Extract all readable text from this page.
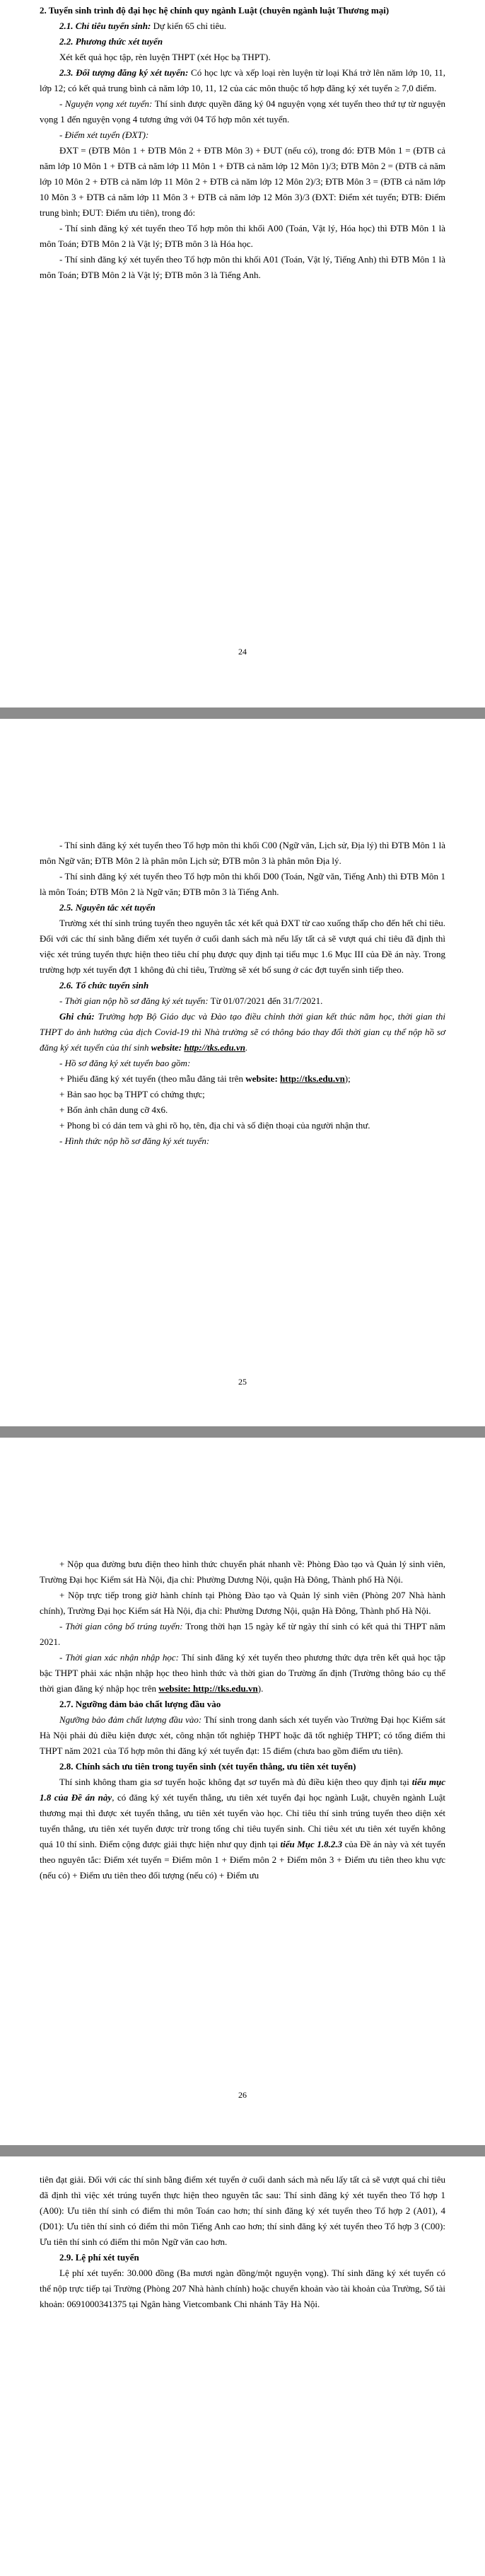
2. Tuyển sinh trình độ đại học hệ chính quy ngành Luật (chuyên ngành luật Thương mại)

2.1. Chỉ tiêu tuyển sinh: Dự kiến 65 chỉ tiêu.

2.2. Phương thức xét tuyển

Xét kết quả học tập, rèn luyện THPT (xét Học bạ THPT).

2.3. Đối tượng đăng ký xét tuyển: Có học lực và xếp loại rèn luyện từ loại Khá trở lên năm lớp 10, 11, lớp 12; có kết quả trung bình cả năm lớp 10, 11, 12 của các môn thuộc tổ hợp đăng ký xét tuyển ≥ 7,0 điểm.

- Nguyện vọng xét tuyển: Thí sinh được quyền đăng ký 04 nguyện vọng xét tuyển theo thứ tự từ nguyện vọng 1 đến nguyện vọng 4 tương ứng với 04 Tổ hợp môn xét tuyển.

- Điểm xét tuyển (ĐXT):

ĐXT = (ĐTB Môn 1 + ĐTB Môn 2 + ĐTB Môn 3) + ĐUT (nếu có), trong đó: ĐTB Môn 1 = (ĐTB cả năm lớp 10 Môn 1 + ĐTB cả năm lớp 11 Môn 1 + ĐTB cả năm lớp 12 Môn 1)/3; ĐTB Môn 2 = (ĐTB cả năm lớp 10 Môn 2 + ĐTB cả năm lớp 11 Môn 2 + ĐTB cả năm lớp 12 Môn 2)/3; ĐTB Môn 3 = (ĐTB cả năm lớp 10 Môn 3 + ĐTB cả năm lớp 11 Môn 3 + ĐTB cả năm lớp 12 Môn 3)/3 (ĐXT: Điểm xét tuyển; ĐTB: Điểm trung bình; ĐUT: Điểm ưu tiên), trong đó:

- Thí sinh đăng ký xét tuyển theo Tổ hợp môn thi khối A00 (Toán, Vật lý, Hóa học) thì ĐTB Môn 1 là môn Toán; ĐTB Môn 2 là Vật lý; ĐTB môn 3 là Hóa học.

- Thí sinh đăng ký xét tuyển theo Tổ hợp môn thi khối A01 (Toán, Vật lý, Tiếng Anh) thì ĐTB Môn 1 là môn Toán; ĐTB Môn 2 là Vật lý; ĐTB môn 3 là Tiếng Anh.

24

- Thí sinh đăng ký xét tuyển theo Tổ hợp môn thi khối C00 (Ngữ văn, Lịch sử, Địa lý) thì ĐTB Môn 1 là môn Ngữ văn; ĐTB Môn 2 là phân môn Lịch sử; ĐTB môn 3 là phân môn Địa lý.

- Thí sinh đăng ký xét tuyển theo Tổ hợp môn thi khối D00 (Toán, Ngữ văn, Tiếng Anh) thì ĐTB Môn 1 là môn Toán; ĐTB Môn 2 là Ngữ văn; ĐTB môn 3 là Tiếng Anh.

2.5. Nguyên tắc xét tuyển

Trường xét thí sinh trúng tuyển theo nguyên tắc xét kết quả ĐXT từ cao xuống thấp cho đến hết chỉ tiêu. Đối với các thí sinh bằng điểm xét tuyển ở cuối danh sách mà nếu lấy tất cả sẽ vượt quá chỉ tiêu đã định thì việc xét trúng tuyển thực hiện theo tiêu chí phụ được quy định tại tiểu mục 1.6 Mục III của Đề án này. Trong trường hợp xét tuyển đợt 1 không đủ chỉ tiêu, Trường sẽ xét bổ sung ở các đợt tuyển sinh tiếp theo.

2.6. Tổ chức tuyển sinh

- Thời gian nộp hồ sơ đăng ký xét tuyển: Từ 01/07/2021 đến 31/7/2021.

Ghi chú: Trường hợp Bộ Giáo dục và Đào tạo điều chỉnh thời gian kết thúc năm học, thời gian thi THPT do ảnh hưởng của dịch Covid-19 thì Nhà trường sẽ có thông báo thay đổi thời gian cụ thể nộp hồ sơ đăng ký xét tuyển của thí sinh website: http://tks.edu.vn.

- Hồ sơ đăng ký xét tuyển bao gồm:

+ Phiếu đăng ký xét tuyển (theo mẫu đăng tải trên website: http://tks.edu.vn);

+ Bản sao học bạ THPT có chứng thực;

+ Bốn ảnh chân dung cỡ 4x6.

+ Phong bì có dán tem và ghi rõ họ, tên, địa chỉ và số điện thoại của người nhận thư.

- Hình thức nộp hồ sơ đăng ký xét tuyển:

25

+ Nộp qua đường bưu điện theo hình thức chuyển phát nhanh về: Phòng Đào tạo và Quản lý sinh viên, Trường Đại học Kiểm sát Hà Nội, địa chỉ: Phường Dương Nội, quận Hà Đông, Thành phố Hà Nội.

+ Nộp trực tiếp trong giờ hành chính tại Phòng Đào tạo và Quản lý sinh viên (Phòng 207 Nhà hành chính), Trường Đại học Kiểm sát Hà Nội, địa chỉ: Phường Dương Nội, quận Hà Đông, Thành phố Hà Nội.

- Thời gian công bố trúng tuyển: Trong thời hạn 15 ngày kể từ ngày thí sinh có kết quả thi THPT năm 2021.

- Thời gian xác nhận nhập học: Thí sinh đăng ký xét tuyển theo phương thức dựa trên kết quả học tập bậc THPT phải xác nhận nhập học theo hình thức và thời gian do Trường ấn định (Trường thông báo cụ thể thời gian đăng ký nhập học trên website: http://tks.edu.vn).

2.7. Ngưỡng đảm bảo chất lượng đầu vào

Ngưỡng bảo đảm chất lượng đầu vào: Thí sinh trong danh sách xét tuyển vào Trường Đại học Kiểm sát Hà Nội phải đủ điều kiện được xét, công nhận tốt nghiệp THPT hoặc đã tốt nghiệp THPT; có tổng điểm thi THPT năm 2021 của Tổ hợp môn thi đăng ký xét tuyển đạt: 15 điểm (chưa bao gồm điểm ưu tiên).

2.8. Chính sách ưu tiên trong tuyển sinh (xét tuyển thẳng, ưu tiên xét tuyển)

Thí sinh không tham gia sơ tuyển hoặc không đạt sơ tuyển mà đủ điều kiện theo quy định tại tiểu mục 1.8 của Đề án này, có đăng ký xét tuyển thẳng, ưu tiên xét tuyển đại học ngành Luật, chuyên ngành Luật thương mại thì được xét tuyển thẳng, ưu tiên xét tuyển vào học. Chỉ tiêu thí sinh trúng tuyển theo diện xét tuyển thẳng, ưu tiên xét tuyển được trừ trong tổng chỉ tiêu tuyển sinh. Chỉ tiêu xét ưu tiên xét tuyển không quá 10 thí sinh. Điểm cộng được giải thực hiện như quy định tại tiểu Mục 1.8.2.3 của Đề án này và xét tuyển theo nguyên tắc: Điểm xét tuyển = Điểm môn 1 + Điểm môn 2 + Điểm môn 3 + Điểm ưu tiên theo khu vực (nếu có) + Điểm ưu tiên theo đối tượng (nếu có) + Điểm ưu

26

tiên đạt giải. Đối với các thí sinh bằng điểm xét tuyển ở cuối danh sách mà nếu lấy tất cả sẽ vượt quá chỉ tiêu đã định thì việc xét trúng tuyển thực hiện theo nguyên tắc sau: Thí sinh đăng ký xét tuyển theo Tổ hợp 1 (A00): Ưu tiên thí sinh có điểm thi môn Toán cao hơn; thí sinh đăng ký xét tuyển theo Tổ hợp 2 (A01), 4 (D01): Ưu tiên thí sinh có điểm thi môn Tiếng Anh cao hơn; thí sinh đăng ký xét tuyển theo Tổ hợp 3 (C00): Ưu tiên thí sinh có điểm thi môn Ngữ văn cao hơn.

2.9. Lệ phí xét tuyển

Lệ phí xét tuyển: 30.000 đồng (Ba mươi ngàn đồng/một nguyện vọng). Thí sinh đăng ký xét tuyển có thể nộp trực tiếp tại Trường (Phòng 207 Nhà hành chính) hoặc chuyển khoản vào tài khoản của Trường, Số tài khoản: 0691000341375 tại Ngân hàng Vietcombank Chi nhánh Tây Hà Nội.
